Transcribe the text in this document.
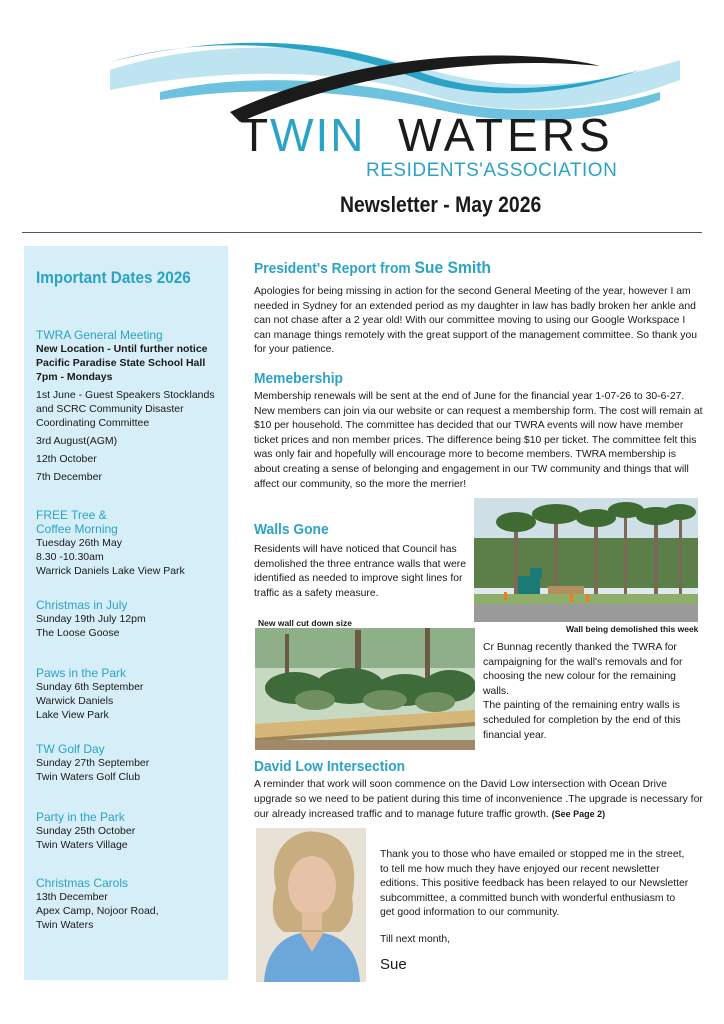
TWIN WATERS
RESIDENTS'ASSOCIATION
Newsletter - May 2026
Important Dates 2026
TWRA General Meeting
New Location - Until further notice
Pacific Paradise State School Hall
7pm - Mondays
1st June - Guest Speakers Stocklands and SCRC Community Disaster Coordinating Committee
3rd August(AGM)
12th October
7th December
FREE Tree & Coffee Morning
Tuesday 26th May
8.30 -10.30am
Warrick Daniels Lake View Park
Christmas in July
Sunday 19th July 12pm
The Loose Goose
Paws in the Park
Sunday 6th September
Warwick Daniels
Lake View Park
TW Golf Day
Sunday 27th September
Twin Waters Golf Club
Party in the Park
Sunday 25th October
Twin Waters Village
Christmas Carols
13th December
Apex Camp, Nojoor Road,
Twin Waters
President's Report from Sue Smith

Apologies for being missing in action for the second General Meeting of the year, however I am needed in Sydney for an extended period as my daughter in law has badly broken her ankle and can not chase after a 2 year old! With our committee moving to using our Google Workspace I can manage things remotely with the great support of the management committee. So thank you for your patience.

Memebership

Membership renewals will be sent at the end of June for the financial year 1-07-26 to 30-6-27. New members can join via our website or can request a membership form. The cost will remain at $10 per household. The committee has decided that our TWRA events will now have member ticket prices and non member prices. The difference being $10 per ticket. The committee felt this was only fair and hopefully will encourage more to become members. TWRA membership is about creating a sense of belonging and engagement in our TW community and things that will affect our community, so the more the merrier!

Walls Gone

Residents will have noticed that Council has demolished the three entrance walls that were identified as needed to improve sight lines for traffic as a safety measure.

Wall being demolished this week
New wall cut down size

Cr Bunnag recently thanked the TWRA for campaigning for the wall's removals and for choosing the new colour for the remaining walls.

The painting of the remaining entry walls is scheduled for completion by the end of this financial year.

David Low Intersection

A reminder that work will soon commence on the David Low intersection with Ocean Drive upgrade so we need to be patient during this time of inconvenience .The upgrade is necessary for our already increased traffic and to manage future traffic growth. (See Page 2)

Thank you to those who have emailed or stopped me in the street, to tell me how much they have enjoyed our recent newsletter editions. This positive feedback has been relayed to our Newsletter subcommittee, a committed bunch with wonderful enthusiasm to get good information to our community.

Till next month,

Sue
